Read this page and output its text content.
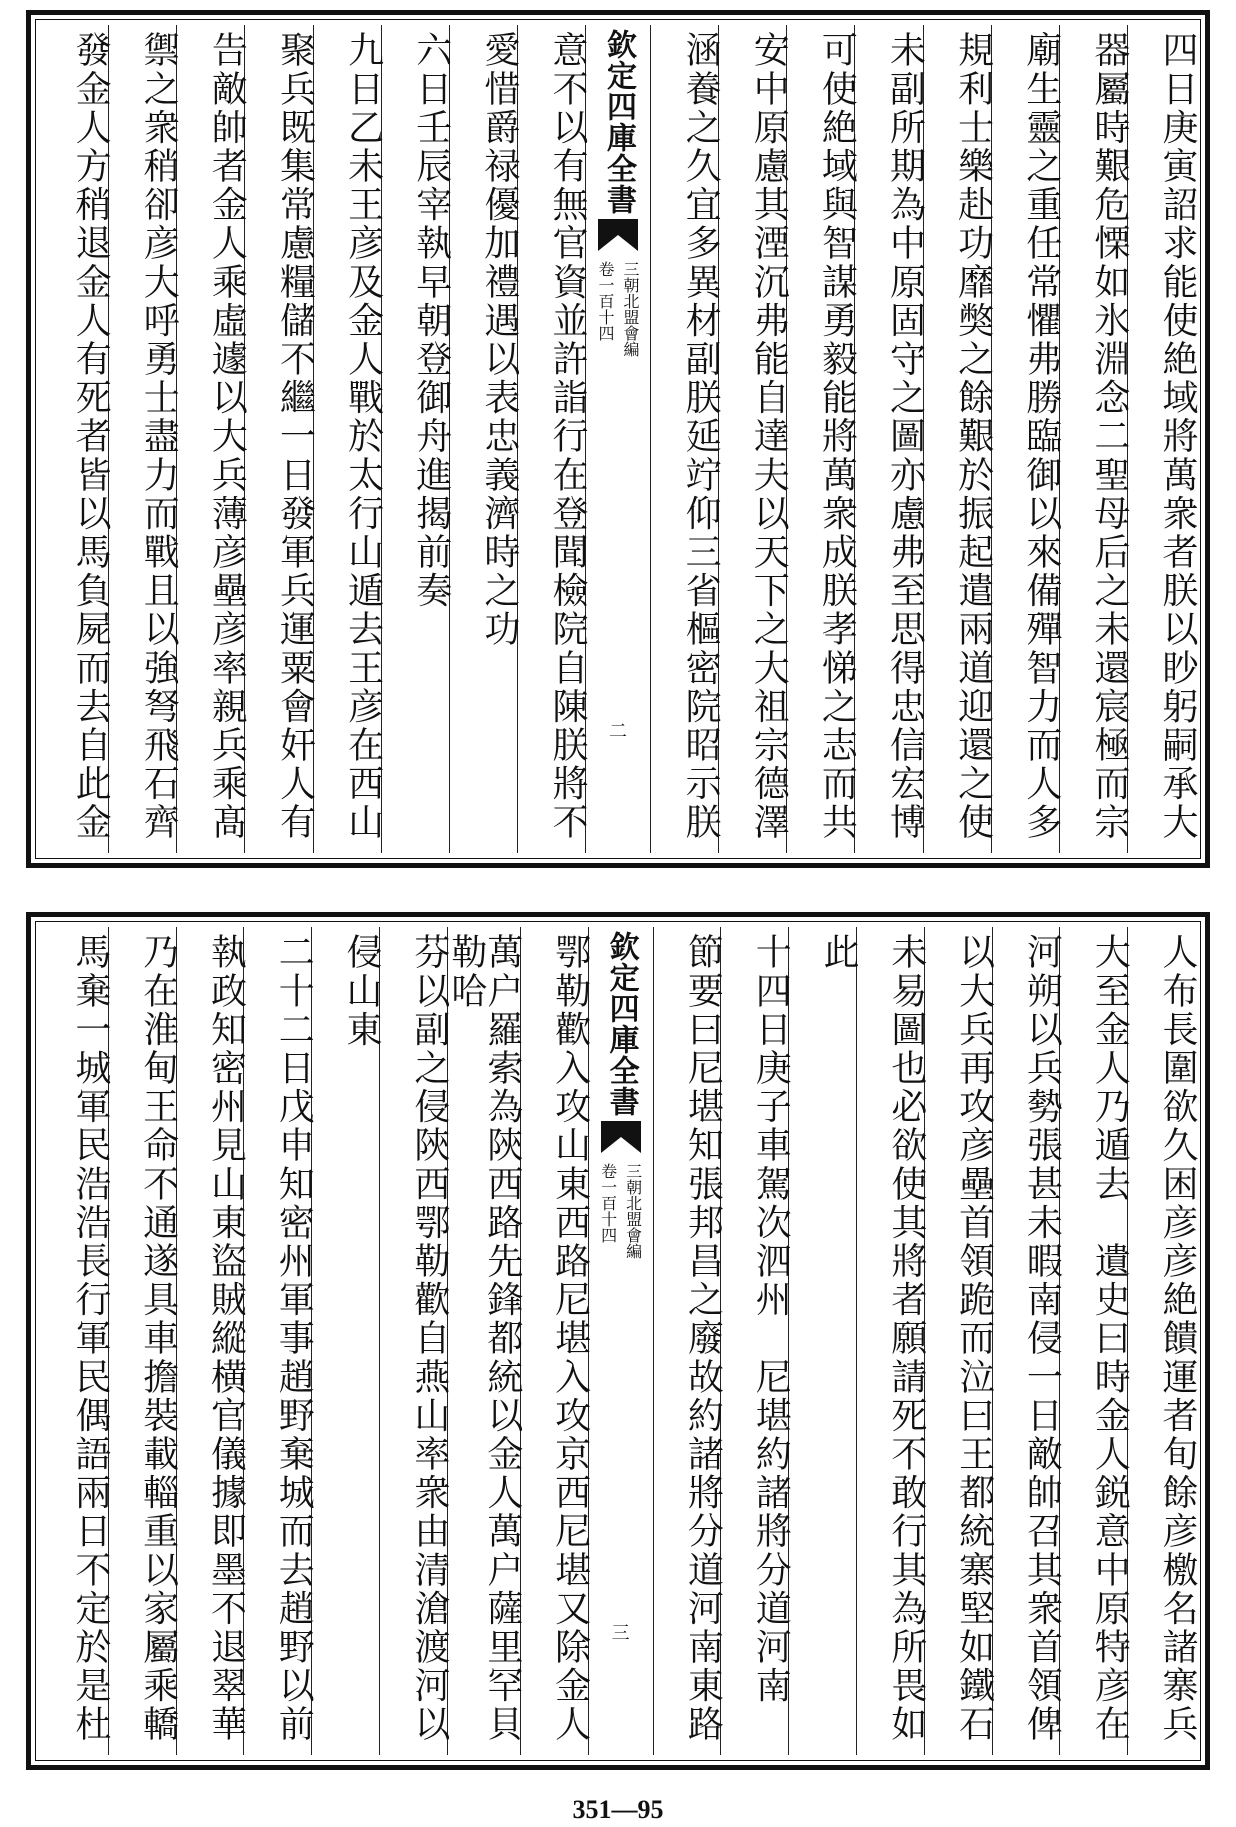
四日庚寅詔求能使絶域將萬衆者朕以眇躬嗣承大
器屬時艱危慄如氷淵念二聖母后之未還宸極而宗
廟生靈之重任常懼弗勝臨御以來備殫智力而人多
規利士樂赴功靡獘之餘艱於振起遣兩道迎還之使
未副所期為中原固守之圖亦慮弗至思得忠信宏博
可使絶域與智謀勇毅能將萬衆成朕孝悌之志而共
安中原慮其湮沉弗能自達夫以天下之大祖宗德澤
涵養之久宜多異材副朕延竚仰三省樞密院昭示朕
欽定四庫全書
三朝北盟會編
卷一百十四
二
意不以有無官資並許詣行在登聞檢院自陳朕將不
愛惜爵禄優加禮遇以表忠義濟時之功
六日壬辰宰執早朝登御舟進揭前奏
九日乙未王彦及金人戰於太行山遁去王彦在西山
聚兵既集常慮糧儲不繼一日發軍兵運粟會奸人有
告敵帥者金人乘虛遽以大兵薄彦壘彦率親兵乘髙
禦之衆稍卻彦大呼勇士盡力而戰且以強弩飛石齊
發金人方稍退金人有死者皆以馬負屍而去自此金
人布長圍欲久困彦彦絶饋運者旬餘彦檄名諸寨兵
大至金人乃遁去　遺史曰時金人鋭意中原特彦在
河朔以兵勢張甚未暇南侵一日敵帥召其衆首領俾
以大兵再攻彦壘首領跪而泣曰王都統寨堅如鐵石
未易圖也必欲使其將者願請死不敢行其為所畏如
此
十四日庚子車駕次泗州　尼堪約諸將分道河南
節要曰尼堪知張邦昌之廢故約諸將分道河南東路
欽定四庫全書
三朝北盟會編
卷一百十四
三
鄂勒歡入攻山東西路尼堪入攻京西尼堪又除金人
萬户羅索為陝西路先鋒都統以金人萬户薩里罕貝勒哈
芬以副之侵陝西鄂勒歡自燕山率衆由清滄渡河以
侵山東
二十二日戊申知密州軍事趙野棄城而去趙野以前
執政知密州見山東盜賊縱横官儀據即墨不退翠華
乃在淮甸王命不通遂具車擔裝載輜重以家屬乘轎
馬棄一城軍民浩浩長行軍民偶語兩日不定於是杜
351—95
